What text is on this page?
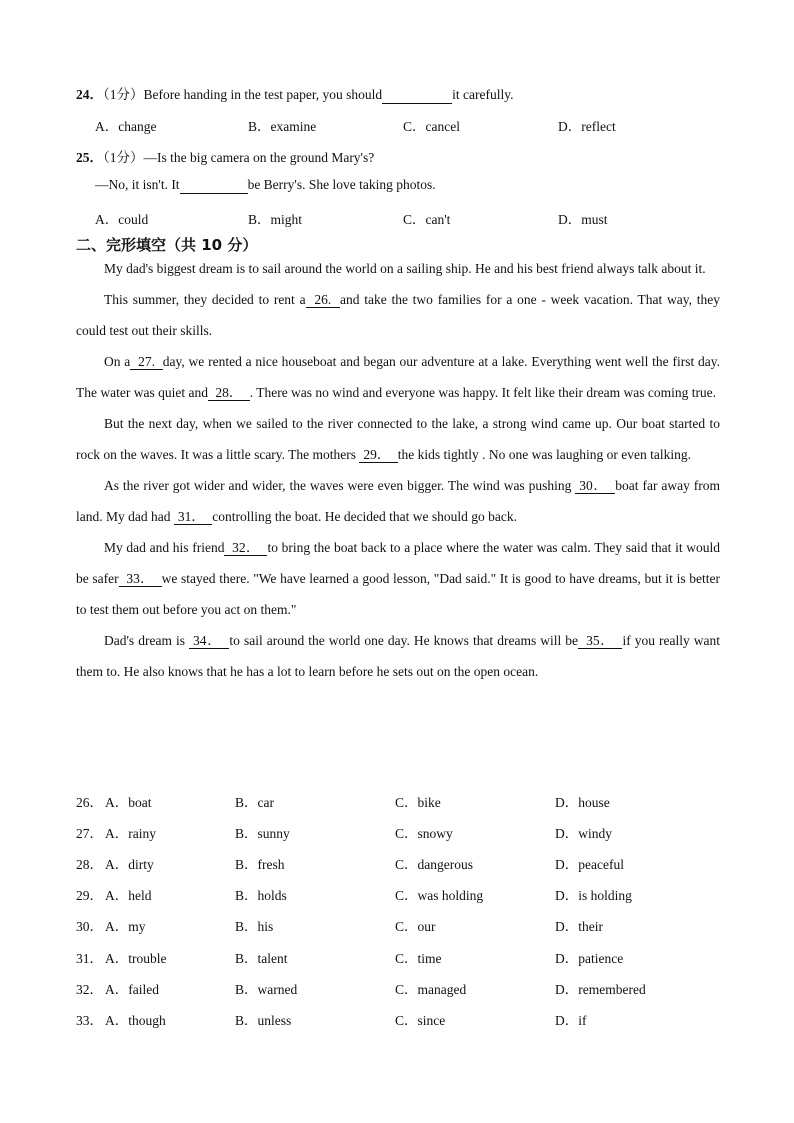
24．（1分）Before handing in the test paper, you should	it carefully.
A．change	B．examine	C．cancel	D．reflect
25．（1分）—Is the big camera on the ground Mary's?
—No, it isn't. It	be Berry's. She love taking photos.
A．could	B．might	C．can't	D．must
二、完形填空（共 10 分）

My dad's biggest dream is to sail around the world on a sailing ship. He and his best friend always talk about it.

This summer, they decided to rent a 26. and take the two families for a one - week vacation. That way, they could test out their skills.

On a 27. day, we rented a nice houseboat and began our adventure at a lake. Everything went well the first day. The water was quiet and 28． . There was no wind and everyone was happy. It felt like their dream was coming true.

But the next day, when we sailed to the river connected to the lake, a strong wind came up. Our boat started to rock on the waves. It was a little scary. The mothers 29． the kids tightly . No one was laughing or even talking.

As the river got wider and wider, the waves were even bigger. The wind was pushing 30． boat far away from land. My dad had 31． controlling the boat. He decided that we should go back.

My dad and his friend 32． to bring the boat back to a place where the water was calm. They said that it would be safer 33． we stayed there. "We have learned a good lesson, "Dad said." It is good to have dreams, but it is better to test them out before you act on them."

Dad's dream is 34． to sail around the world one day. He knows that dreams will be 35． if you really want them to. He also knows that he has a lot to learn before he sets out on the open ocean.

26． A．boat	B．car	C．bike	D．house
27． A．rainy	B．sunny	C．snowy	D．windy
28． A．dirty	B．fresh	C．dangerous	D．peaceful
29． A．held	B．holds	C．was holding	D．is holding
30． A．my	B．his	C．our	D．their
31． A．trouble	B．talent	C．time	D．patience
32． A．failed	B．warned	C．managed	D．remembered
33． A．though	B．unless	C．since	D．if
